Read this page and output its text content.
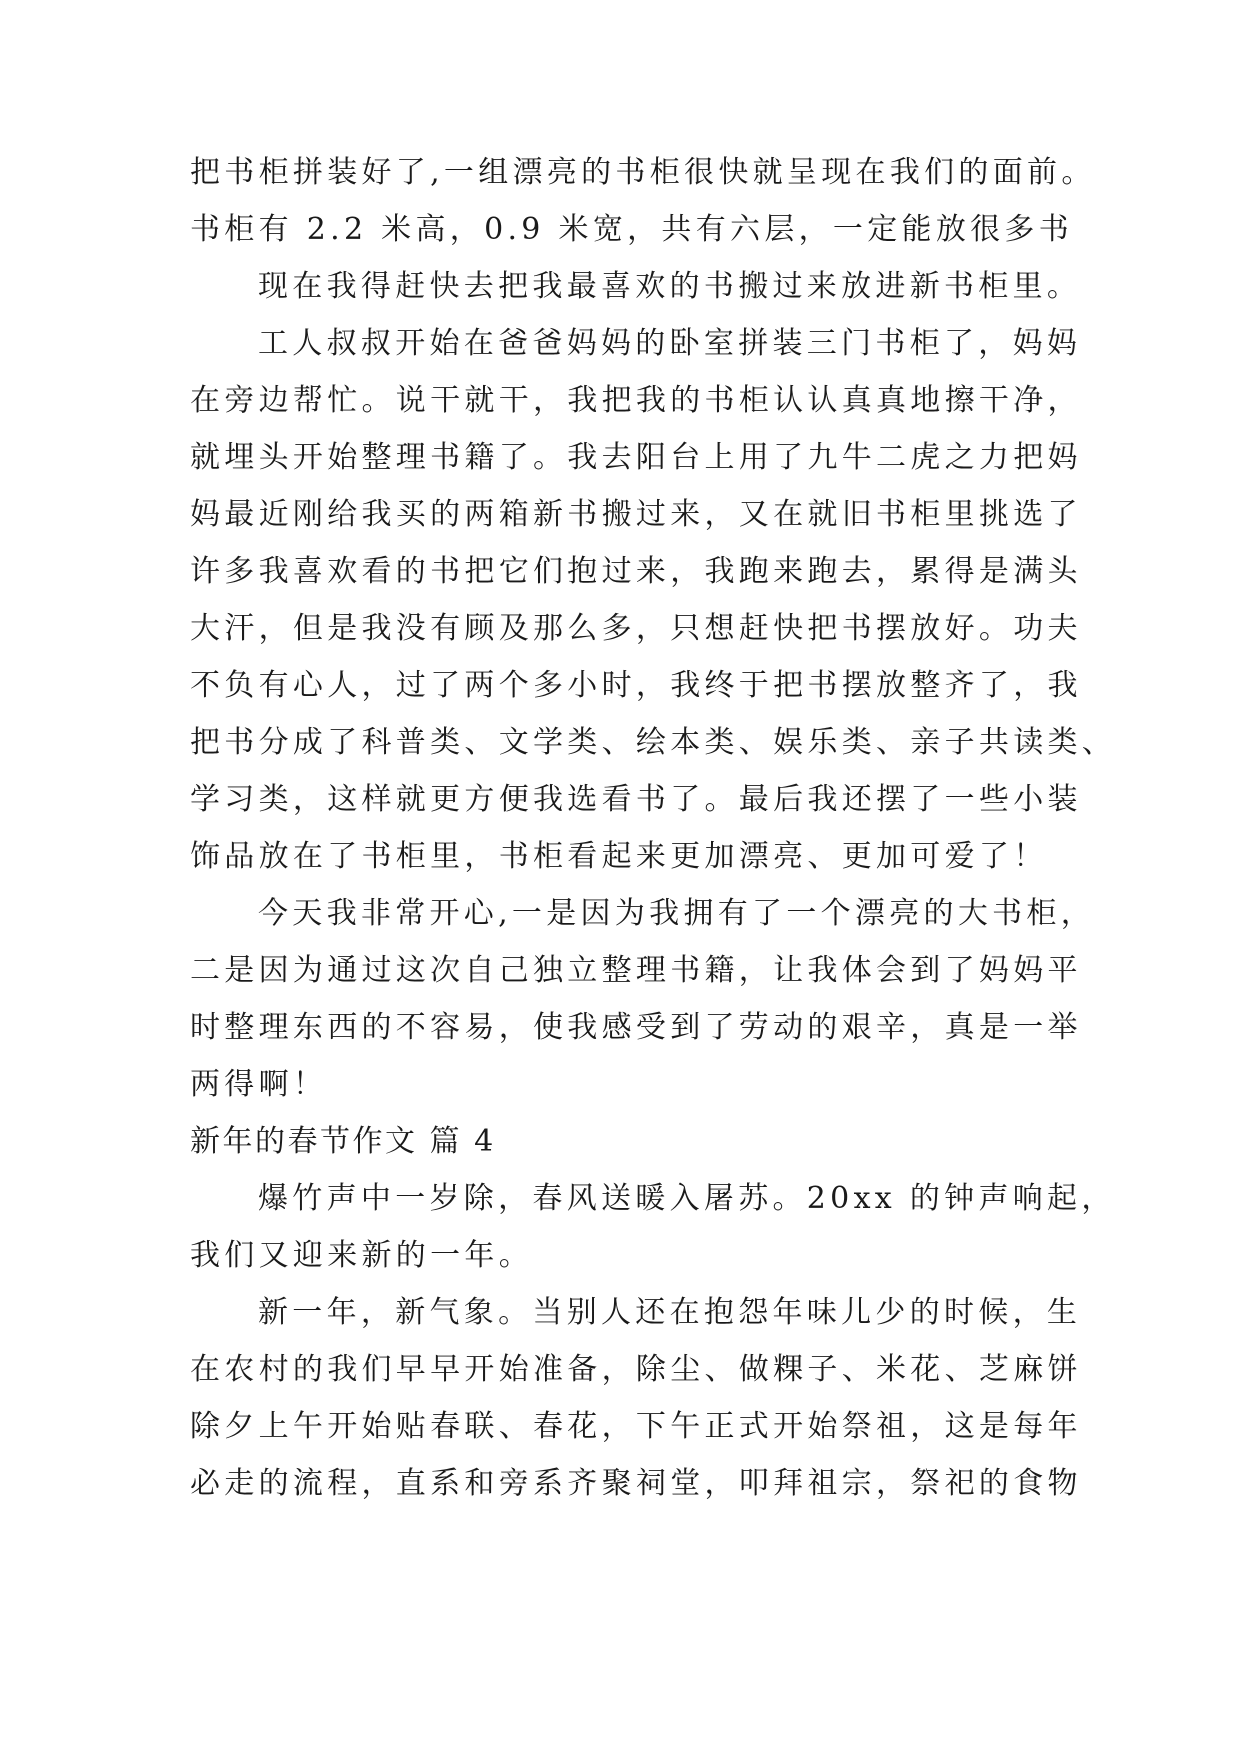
把书柜拼装好了,一组漂亮的书柜很快就呈现在我们的面前。
书柜有 2.2 米高，0.9 米宽，共有六层，一定能放很多书
现在我得赶快去把我最喜欢的书搬过来放进新书柜里。
工人叔叔开始在爸爸妈妈的卧室拼装三门书柜了，妈妈
在旁边帮忙。说干就干，我把我的书柜认认真真地擦干净，
就埋头开始整理书籍了。我去阳台上用了九牛二虎之力把妈
妈最近刚给我买的两箱新书搬过来，又在就旧书柜里挑选了
许多我喜欢看的书把它们抱过来，我跑来跑去，累得是满头
大汗，但是我没有顾及那么多，只想赶快把书摆放好。功夫
不负有心人，过了两个多小时，我终于把书摆放整齐了，我
把书分成了科普类、文学类、绘本类、娱乐类、亲子共读类、
学习类，这样就更方便我选看书了。最后我还摆了一些小装
饰品放在了书柜里，书柜看起来更加漂亮、更加可爱了！
今天我非常开心,一是因为我拥有了一个漂亮的大书柜，
二是因为通过这次自己独立整理书籍，让我体会到了妈妈平
时整理东西的不容易，使我感受到了劳动的艰辛，真是一举
两得啊！
新年的春节作文 篇 4
爆竹声中一岁除，春风送暖入屠苏。20xx 的钟声响起，
我们又迎来新的一年。
新一年，新气象。当别人还在抱怨年味儿少的时候，生
在农村的我们早早开始准备，除尘、做粿子、米花、芝麻饼
除夕上午开始贴春联、春花，下午正式开始祭祖，这是每年
必走的流程，直系和旁系齐聚祠堂，叩拜祖宗，祭祀的食物
